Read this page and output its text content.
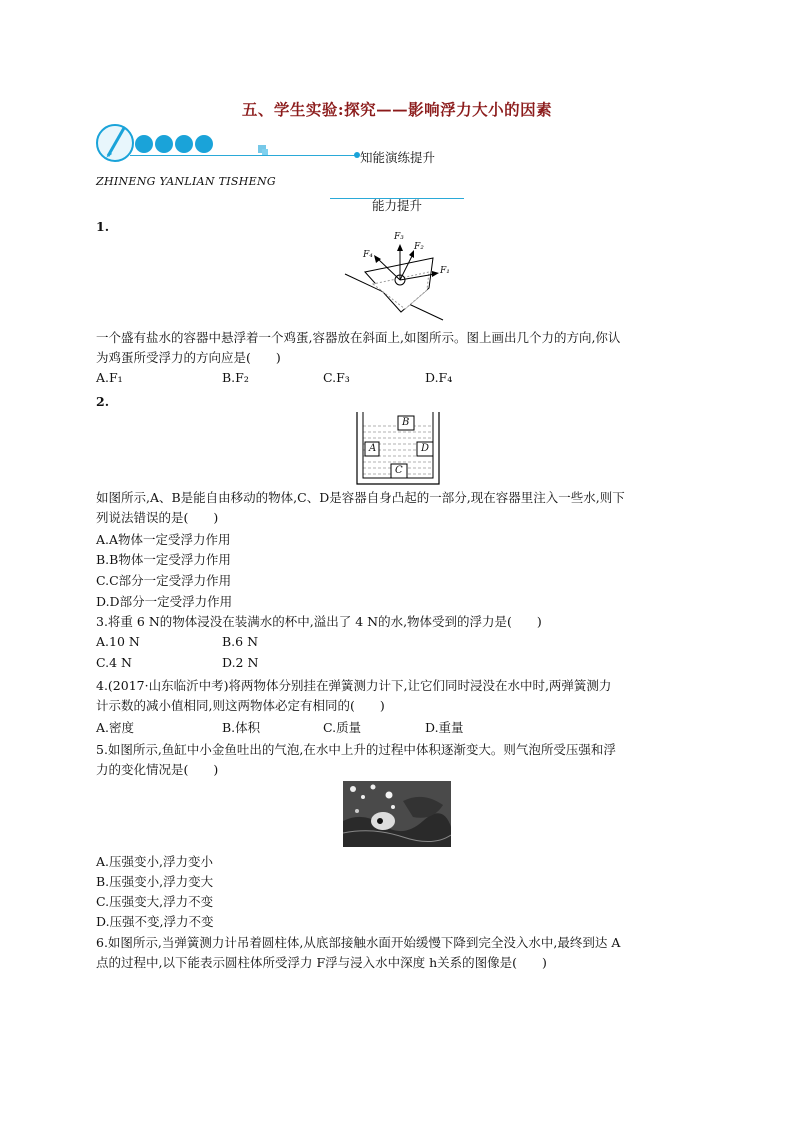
五、学生实验:探究——影响浮力大小的因素
知能演练提升
ZHINENG YANLIAN TISHENG
能力提升
1.
F₃
F₂
F₄
F₁
一个盛有盐水的容器中悬浮着一个鸡蛋,容器放在斜面上,如图所示。图上画出几个力的方向,你认
为鸡蛋所受浮力的方向应是(　　)
A.F₁	B.F₂	C.F₃	D.F₄
2.
B
A	D
C
如图所示,A、B是能自由移动的物体,C、D是容器自身凸起的一部分,现在容器里注入一些水,则下
列说法错误的是(　　)
A.A物体一定受浮力作用
B.B物体一定受浮力作用
C.C部分一定受浮力作用
D.D部分一定受浮力作用
3.将重 6 N的物体浸没在装满水的杯中,溢出了 4 N的水,物体受到的浮力是(　　)
A.10 N	B.6 N
C.4 N	D.2 N
4.(2017·山东临沂中考)将两物体分别挂在弹簧测力计下,让它们同时浸没在水中时,两弹簧测力
计示数的减小值相同,则这两物体必定有相同的(　　)
A.密度	B.体积	C.质量	D.重量
5.如图所示,鱼缸中小金鱼吐出的气泡,在水中上升的过程中体积逐渐变大。则气泡所受压强和浮
力的变化情况是(　　)
A.压强变小,浮力变小
B.压强变小,浮力变大
C.压强变大,浮力不变
D.压强不变,浮力不变
6.如图所示,当弹簧测力计吊着圆柱体,从底部接触水面开始缓慢下降到完全没入水中,最终到达 A
点的过程中,以下能表示圆柱体所受浮力 F浮与浸入水中深度 h关系的图像是(　　)
